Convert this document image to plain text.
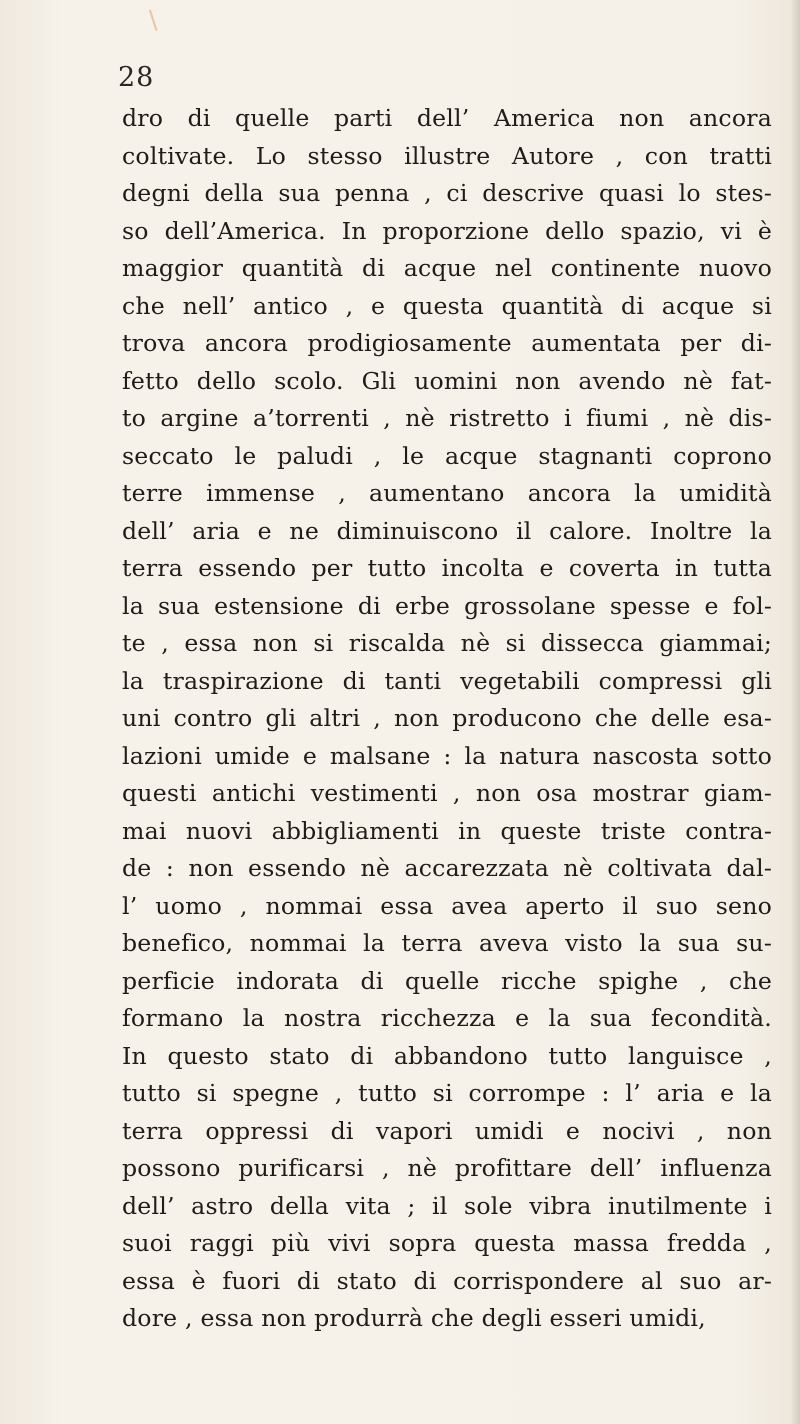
28
dro di quelle parti dell’ America non ancora
coltivate. Lo stesso illustre Autore , con tratti
degni della sua penna , ci descrive quasi lo stes-
so dell’America. In proporzione dello spazio, vi è
maggior quantità di acque nel continente nuovo
che nell’ antico , e questa quantità di acque si
trova ancora prodigiosamente aumentata per di-
fetto dello scolo. Gli uomini non avendo nè fat-
to argine a’torrenti , nè ristretto i fiumi , nè dis-
seccato le paludi , le acque stagnanti coprono
terre immense , aumentano ancora la umidità
dell’ aria e ne diminuiscono il calore. Inoltre la
terra essendo per tutto incolta e coverta in tutta
la sua estensione di erbe grossolane spesse e fol-
te , essa non si riscalda nè si dissecca giammai;
la traspirazione di tanti vegetabili compressi gli
uni contro gli altri , non producono che delle esa-
lazioni umide e malsane : la natura nascosta sotto
questi antichi vestimenti , non osa mostrar giam-
mai nuovi abbigliamenti in queste triste contra-
de : non essendo nè accarezzata nè coltivata dal-
l’ uomo , nommai essa avea aperto il suo seno
benefico, nommai la terra aveva visto la sua su-
perficie indorata di quelle ricche spighe , che
formano la nostra ricchezza e la sua fecondità.
In questo stato di abbandono tutto languisce ,
tutto si spegne , tutto si corrompe : l’ aria e la
terra oppressi di vapori umidi e nocivi , non
possono purificarsi , nè profittare dell’ influenza
dell’ astro della vita ; il sole vibra inutilmente i
suoi raggi più vivi sopra questa massa fredda ,
essa è fuori di stato di corrispondere al suo ar-
dore , essa non produrrà che degli esseri umidi,
